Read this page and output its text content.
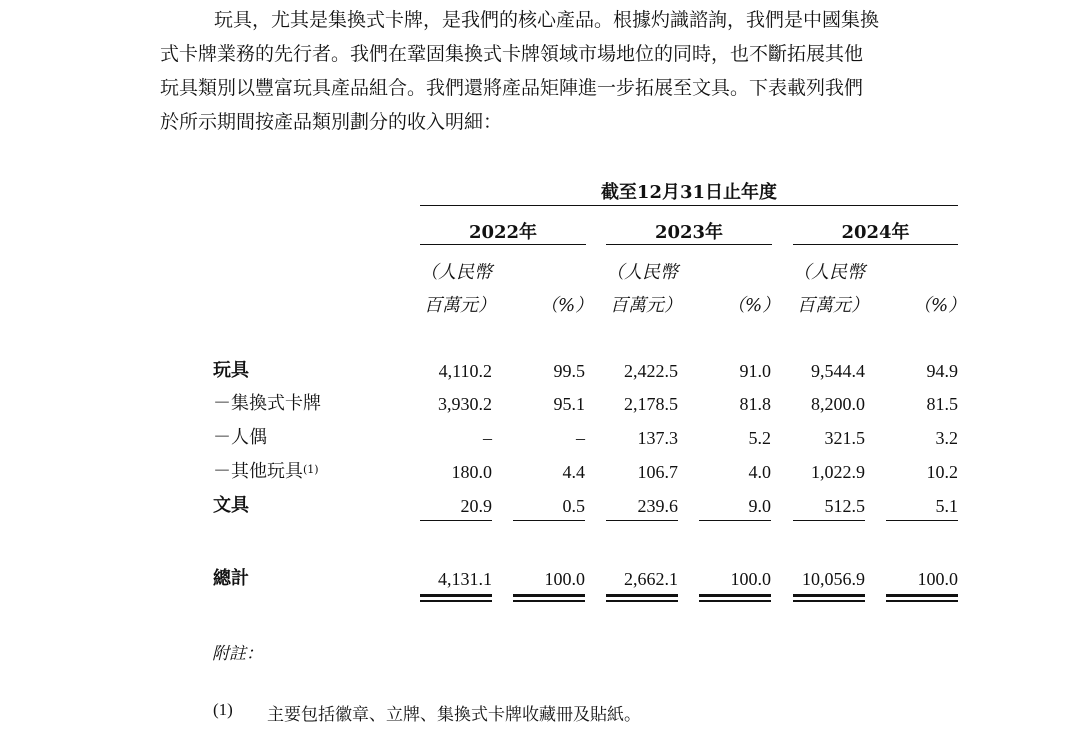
玩具，尤其是集換式卡牌，是我們的核心產品。根據灼識諮詢，我們是中國集換
式卡牌業務的先行者。我們在鞏固集換式卡牌領域市場地位的同時，也不斷拓展其他
玩具類別以豐富玩具產品組合。我們還將產品矩陣進一步拓展至文具。下表載列我們
於所示期間按產品類別劃分的收入明細：
截至12月31日止年度
2022年	2023年	2024年
（人民幣
百萬元） （%）
（人民幣
百萬元）	（%）
（人民幣
百萬元） （%）
玩具	4,110.2	99.5	2,422.5	91.0	9,544.4	94.9
－集換式卡牌	3,930.2	95.1	2,178.5	81.8	8,200.0	81.5
－人偶	–	–	137.3	5.2	321.5	3.2
－其他玩具$^{(1)}$	180.0	4.4	106.7	4.0	1,022.9	10.2
文具	20.9	0.5	239.6	9.0	512.5	5.1
總計	4,131.1	100.0	2,662.1	100.0	10,056.9	100.0
附註：
(1) 主要包括徽章、立牌、集換式卡牌收藏冊及貼紙。
